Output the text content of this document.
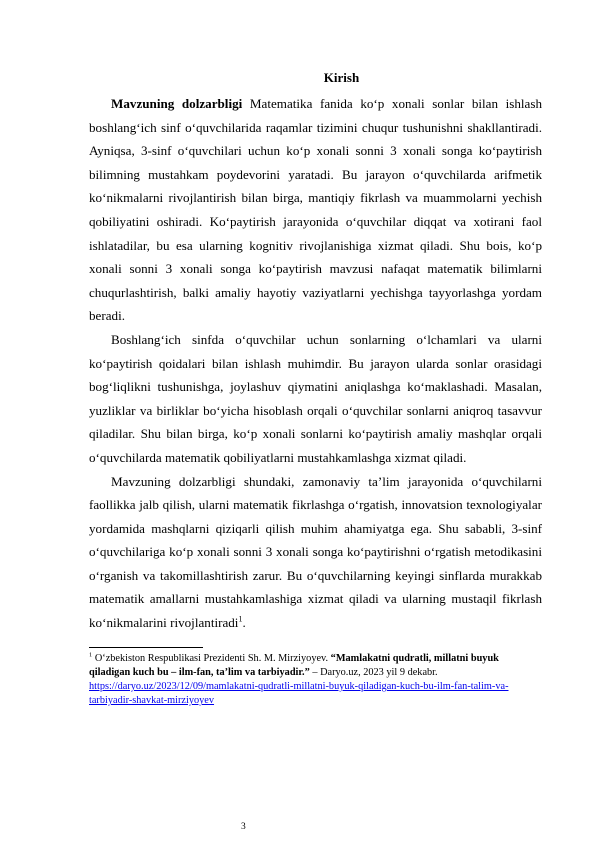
Kirish

Mavzuning dolzarbligi Matematika fanida ko‘p xonali sonlar bilan ishlash boshlang‘ich sinf o‘quvchilarida raqamlar tizimini chuqur tushunishni shakllantiradi. Ayniqsa, 3-sinf o‘quvchilari uchun ko‘p xonali sonni 3 xonali songa ko‘paytirish bilimning mustahkam poydevorini yaratadi. Bu jarayon o‘quvchilarda arifmetik ko‘nikmalarni rivojlantirish bilan birga, mantiqiy fikrlash va muammolarni yechish qobiliyatini oshiradi. Ko‘paytirish jarayonida o‘quvchilar diqqat va xotirani faol ishlatadilar, bu esa ularning kognitiv rivojlanishiga xizmat qiladi. Shu bois, ko‘p xonali sonni 3 xonali songa ko‘paytirish mavzusi nafaqat matematik bilimlarni chuqurlashtirish, balki amaliy hayotiy vaziyatlarni yechishga tayyorlashga yordam beradi.

Boshlang‘ich sinfda o‘quvchilar uchun sonlarning o‘lchamlari va ularni ko‘paytirish qoidalari bilan ishlash muhimdir. Bu jarayon ularda sonlar orasidagi bog‘liqlikni tushunishga, joylashuv qiymatini aniqlashga ko‘maklashadi. Masalan, yuzliklar va birliklar bo‘yicha hisoblash orqali o‘quvchilar sonlarni aniqroq tasavvur qiladilar. Shu bilan birga, ko‘p xonali sonlarni ko‘paytirish amaliy mashqlar orqali o‘quvchilarda matematik qobiliyatlarni mustahkamlashga xizmat qiladi.

Mavzuning dolzarbligi shundaki, zamonaviy ta’lim jarayonida o‘quvchilarni faollikka jalb qilish, ularni matematik fikrlashga o‘rgatish, innovatsion texnologiyalar yordamida mashqlarni qiziqarli qilish muhim ahamiyatga ega. Shu sababli, 3-sinf o‘quvchilariga ko‘p xonali sonni 3 xonali songa ko‘paytirishni o‘rgatish metodikasini o‘rganish va takomillashtirish zarur. Bu o‘quvchilarning keyingi sinflarda murakkab matematik amallarni mustahkamlashiga xizmat qiladi va ularning mustaqil fikrlash ko‘nikmalarini rivojlantiradi$^1$.

$^1$ O‘zbekiston Respublikasi Prezidenti Sh. M. Mirziyoyev. “Mamlakatni qudratli, millatni buyuk qiladigan kuch bu – ilm-fan, ta’lim va tarbiyadir.” – Daryo.uz, 2023 yil 9 dekabr.
https://daryo.uz/2023/12/09/mamlakatni-qudratli-millatni-buyuk-qiladigan-kuch-bu-ilm-fan-talim-va-tarbiyadir-shavkat-mirziyoyev

3
